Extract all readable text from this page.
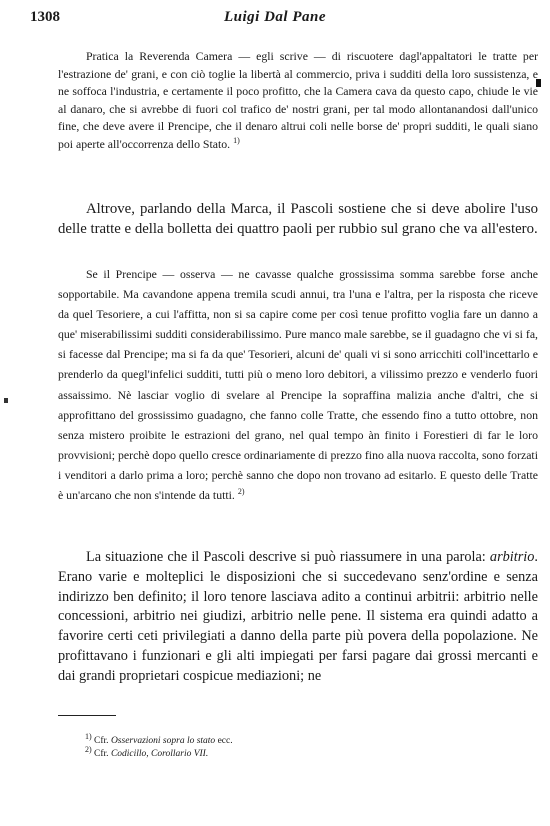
1308	Luigi Dal Pane

Pratica la Reverenda Camera — egli scrive — di riscuotere dagl'appaltatori le tratte per l'estrazione de' grani, e con ciò toglie la libertà al commercio, priva i sudditi della loro sussistenza, e ne soffoca l'industria, e certamente il poco profitto, che la Camera cava da questo capo, chiude le vie al danaro, che si avrebbe di fuori col trafico de' nostri grani, per tal modo allontanandosi dall'unico fine, che deve avere il Prencipe, che il denaro altrui coli nelle borse de' propri sudditi, le quali siano poi aperte all'occorrenza dello Stato. $^{1)}$

Altrove, parlando della Marca, il Pascoli sostiene che si deve abolire l'uso delle tratte e della bolletta dei quattro paoli per rubbio sul grano che va all'estero.

Se il Prencipe — osserva — ne cavasse qualche grossissima somma sarebbe forse anche sopportabile. Ma cavandone appena tremila scudi annui, tra l'una e l'altra, per la risposta che riceve da quel Tesoriere, a cui l'affitta, non si sa capire come per così tenue profitto voglia fare un danno a que' miserabilissimi sudditi considerabilissimo. Pure manco male sarebbe, se il guadagno che vi si fa, si facesse dal Prencipe; ma si fa da que' Tesorieri, alcuni de' quali vi si sono arricchiti coll'incettarlo e prenderlo da quegl'infelici sudditi, tutti più o meno loro debitori, a vilissimo prezzo e venderlo fuori assaissimo. Nè lasciar voglio di svelare al Prencipe la sopraffina malizia anche d'altri, che si approfittano del grossissimo guadagno, che fanno colle Tratte, che essendo fino a tutto ottobre, non senza mistero proibite le estrazioni del grano, nel qual tempo àn finito i Forestieri di far le loro provvisioni; perchè dopo quello cresce ordinariamente di prezzo fino alla nuova raccolta, sono forzati i venditori a darlo prima a loro; perchè sanno che dopo non trovano ad esitarlo. E questo delle Tratte è un'arcano che non s'intende da tutti. $^{2)}$

La situazione che il Pascoli descrive si può riassumere in una parola: arbitrio. Erano varie e molteplici le disposizioni che si succedevano senz'ordine e senza indirizzo ben definito; il loro tenore lasciava adito a continui arbitrii: arbitrio nelle concessioni, arbitrio nei giudizi, arbitrio nelle pene. Il sistema era quindi adatto a favorire certi ceti privilegiati a danno della parte più povera della popolazione. Ne profittavano i funzionari e gli alti impiegati per farsi pagare dai grossi mercanti e dai grandi proprietari cospicue mediazioni; ne

$^{1)}$ Cfr. Osservazioni sopra lo stato ecc.
$^{2)}$ Cfr. Codicillo, Corollario VII.
